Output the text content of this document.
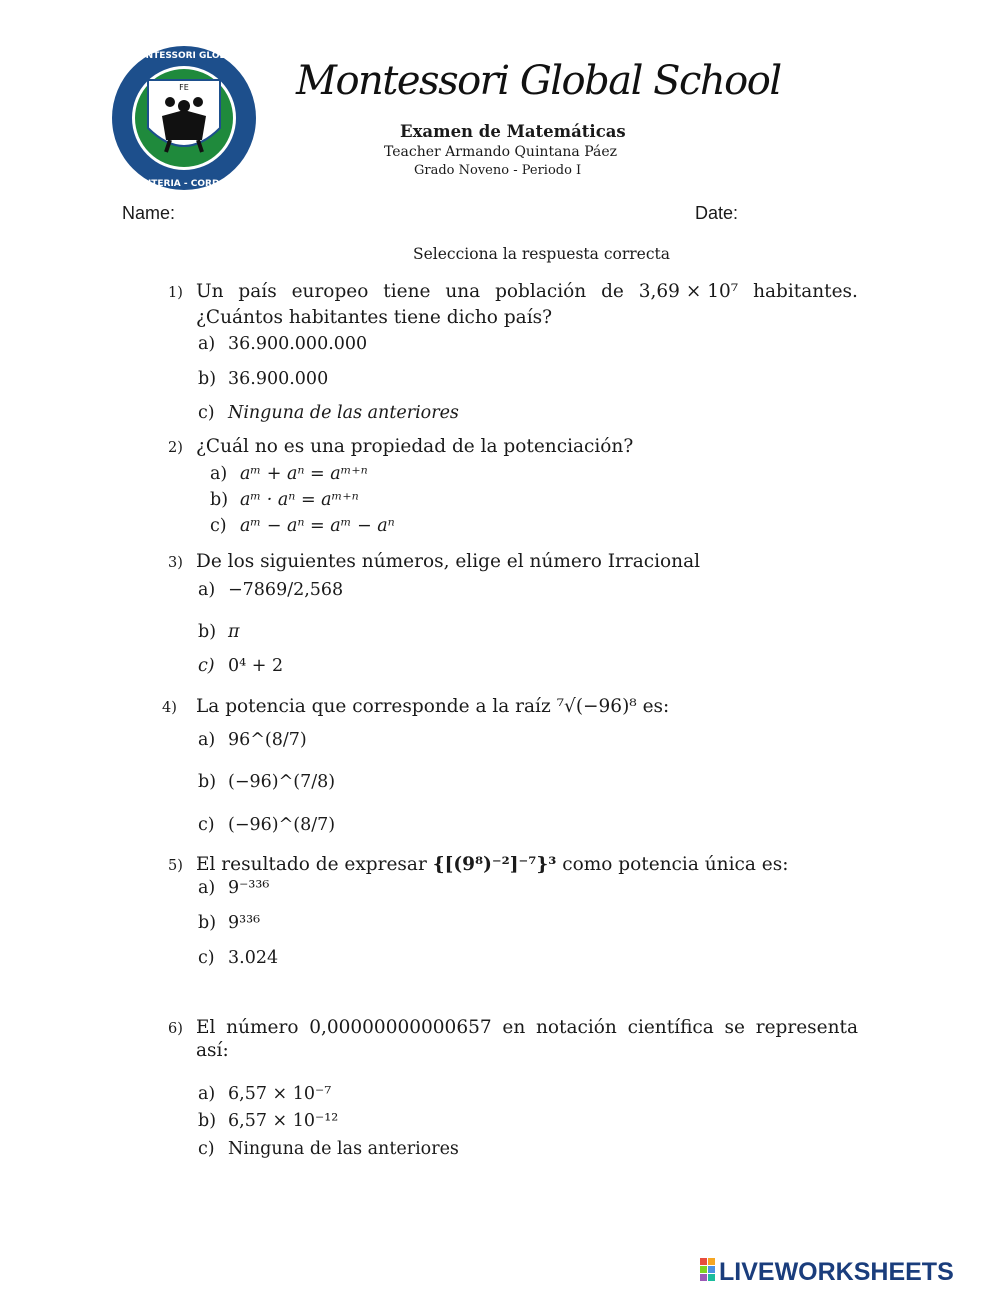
FE
MONTESSORI GLOBAL
MONTERIA - CORDOBA
Montessori Global School
Examen de Matemáticas
Teacher Armando Quintana Páez
Grado Noveno - Periodo I
Name:	Date:
Selecciona la respuesta correcta
1) Un país europeo tiene una población de 3,69 × 10⁷ habitantes.
¿Cuántos habitantes tiene dicho país?
a) 36.900.000.000
b) 36.900.000
c) Ninguna de las anteriores
2) ¿Cuál no es una propiedad de la potenciación?
a) aᵐ + aⁿ = aᵐ⁺ⁿ
b) aᵐ · aⁿ = aᵐ⁺ⁿ
c) aᵐ − aⁿ = aᵐ − aⁿ
3) De los siguientes números, elige el número Irracional
a) −7869/2,568
b) π
c) 0⁴ + 2
4) La potencia que corresponde a la raíz ⁷√(−96)⁸ es:
a) 96^(8/7)
b) (−96)^(7/8)
c) (−96)^(8/7)
5) El resultado de expresar {[(9⁸)⁻²]⁻⁷}³ como potencia única es:
a) 9⁻³³⁶
b) 9³³⁶
c) 3.024
6) El número 0,00000000000657 en notación científica se representa
así:
a) 6,57 × 10⁻⁷
b) 6,57 × 10⁻¹²
c) Ninguna de las anteriores
LIVEWORKSHEETS
